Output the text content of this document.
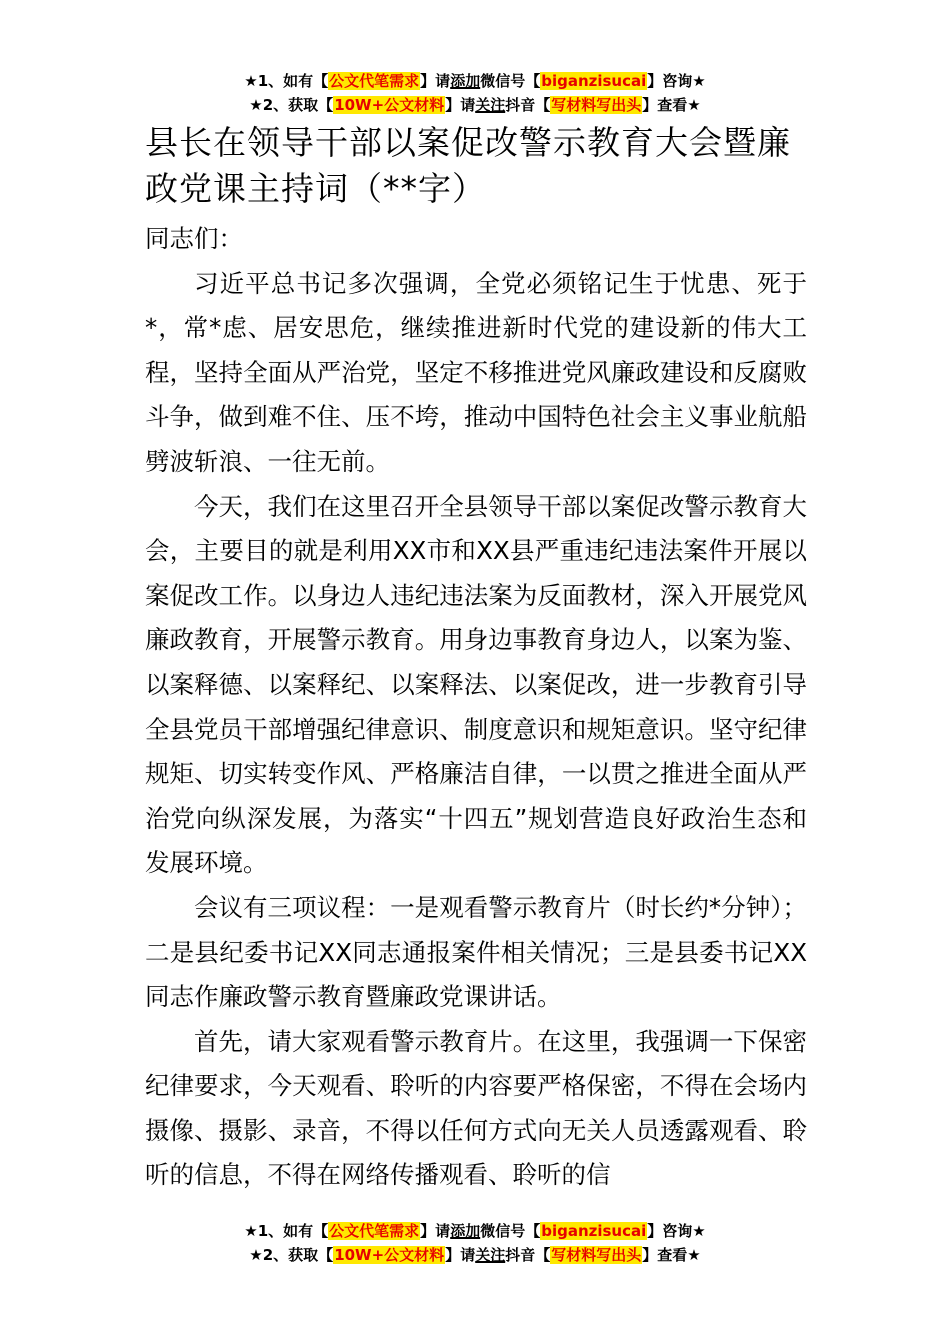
★1、如有【公文代笔需求】请添加微信号【biganzisucai】咨询★
★2、获取【10W+公文材料】请关注抖音【写材料写出头】查看★
县长在领导干部以案促改警示教育大会暨廉政党课主持词（**字）

同志们：

习近平总书记多次强调，全党必须铭记生于忧患、死于*，常*虑、居安思危，继续推进新时代党的建设新的伟大工程，坚持全面从严治党，坚定不移推进党风廉政建设和反腐败斗争，做到难不住、压不垮，推动中国特色社会主义事业航船劈波斩浪、一往无前。

今天，我们在这里召开全县领导干部以案促改警示教育大会，主要目的就是利用XX市和XX县严重违纪违法案件开展以案促改工作。以身边人违纪违法案为反面教材，深入开展党风廉政教育，开展警示教育。用身边事教育身边人，以案为鉴、以案释德、以案释纪、以案释法、以案促改，进一步教育引导全县党员干部增强纪律意识、制度意识和规矩意识。坚守纪律规矩、切实转变作风、严格廉洁自律，一以贯之推进全面从严治党向纵深发展，为落实“十四五”规划营造良好政治生态和发展环境。

会议有三项议程：一是观看警示教育片（时长约*分钟）；二是县纪委书记XX同志通报案件相关情况；三是县委书记XX同志作廉政警示教育暨廉政党课讲话。

首先，请大家观看警示教育片。在这里，我强调一下保密纪律要求，今天观看、聆听的内容要严格保密，不得在会场内摄像、摄影、录音，不得以任何方式向无关人员透露观看、聆听的信息，不得在网络传播观看、聆听的信

★1、如有【公文代笔需求】请添加微信号【biganzisucai】咨询★
★2、获取【10W+公文材料】请关注抖音【写材料写出头】查看★
